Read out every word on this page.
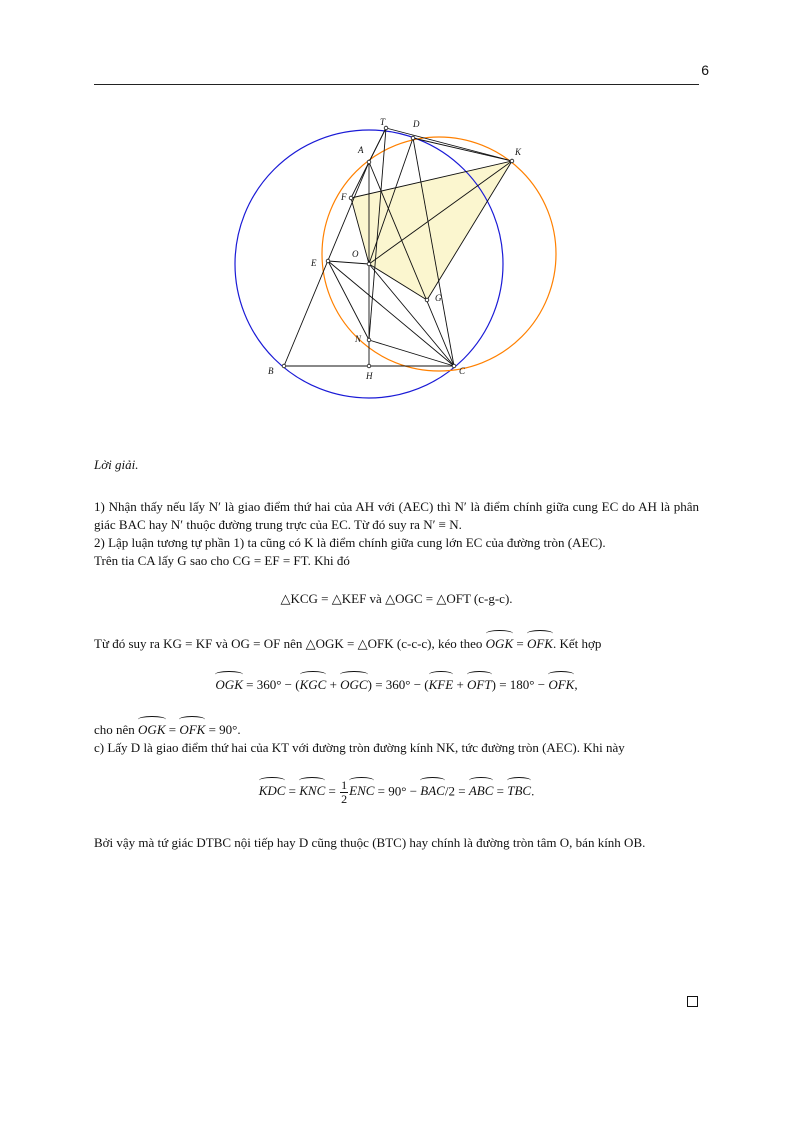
6
T	D
K
A
F
O
E
G
N
B	H	C

Lời giải.

1) Nhận thấy nếu lấy N′ là giao điểm thứ hai của AH với (AEC) thì N′ là điểm chính giữa cung EC do AH là phân giác BAC hay N′ thuộc đường trung trực của EC. Từ đó suy ra N′ ≡ N.

2) Lập luận tương tự phần 1) ta cũng có K là điểm chính giữa cung lớn EC của đường tròn (AEC).

Trên tia CA lấy G sao cho CG = EF = FT. Khi đó

△KCG = △KEF và △OGC = △OFT (c-g-c).

Từ đó suy ra KG = KF và OG = OF nên △OGK = △OFK (c-c-c), kéo theo OGK = OFK. Kết hợp

OGK = 360° − (KGC + OGC) = 360° − (KFE + OFT) = 180° − OFK,

cho nên OGK = OFK = 90°.

c) Lấy D là giao điểm thứ hai của KT với đường tròn đường kính NK, tức đường tròn (AEC). Khi này

KDC = KNC = $\frac{1}{2}$ ENC = 90° − BAC/2 = ABC = TBC.

Bởi vậy mà tứ giác DTBC nội tiếp hay D cũng thuộc (BTC) hay chính là đường tròn tâm O, bán kính OB.
